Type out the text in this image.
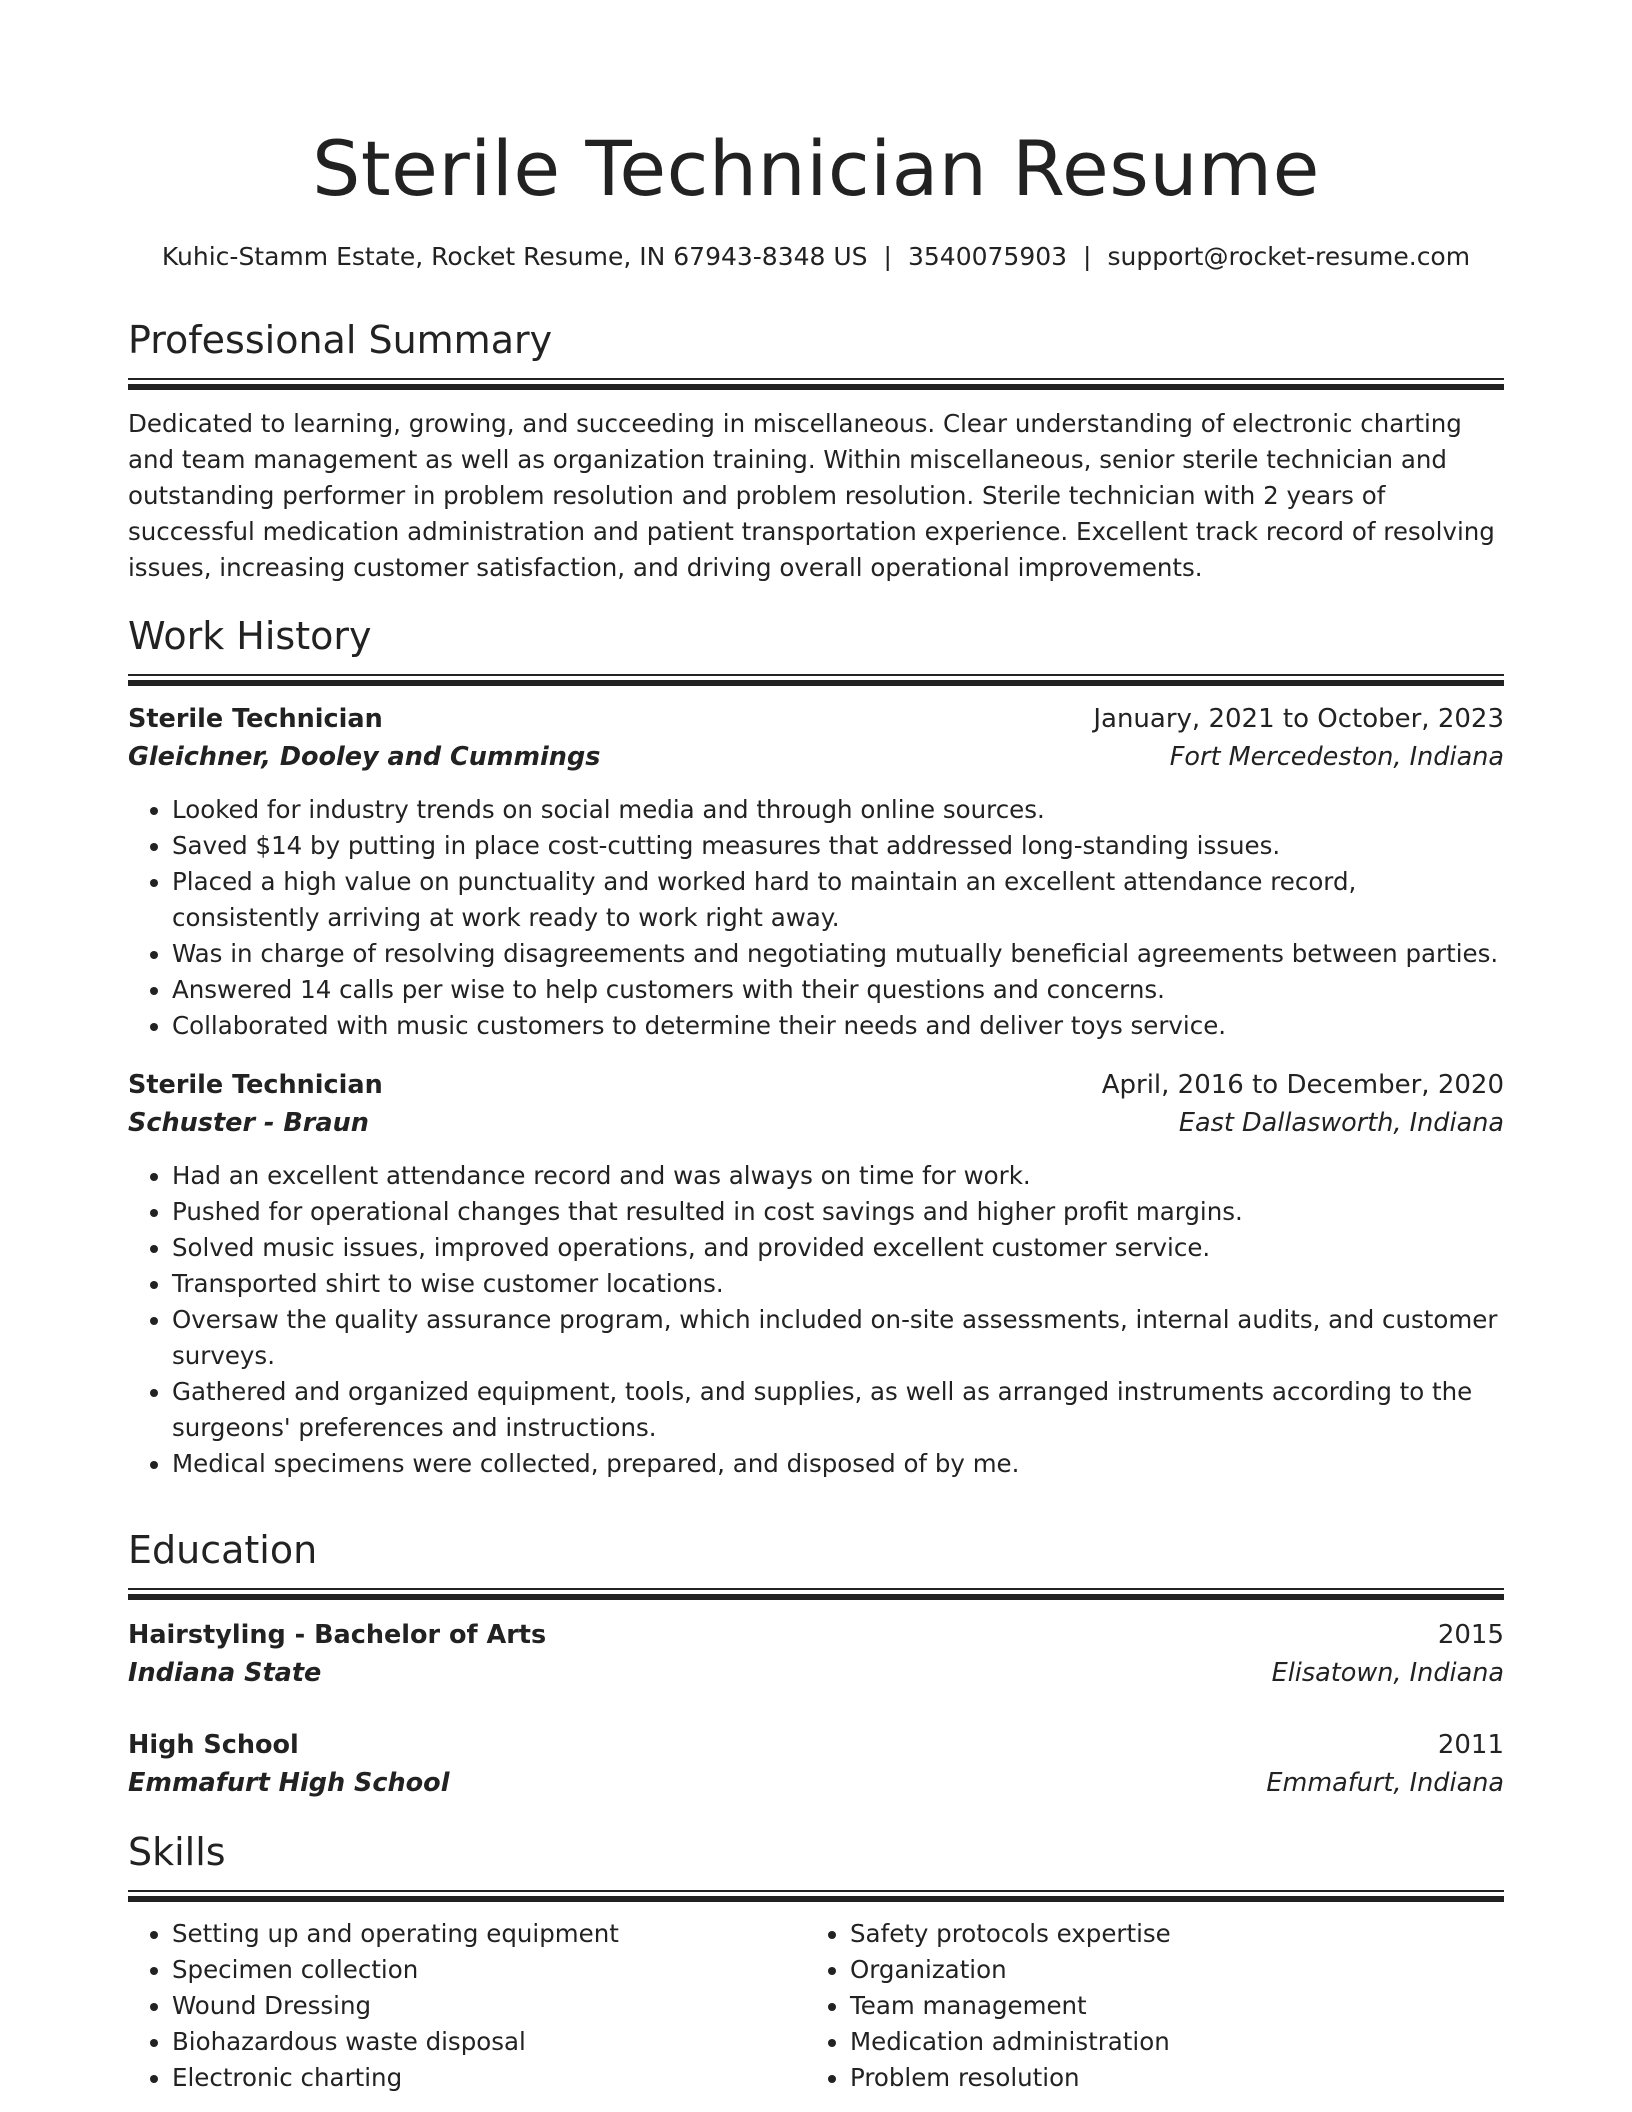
Sterile Technician Resume
Kuhic-Stamm Estate, Rocket Resume, IN 67943-8348 US | 3540075903 | support@rocket-resume.com
Professional Summary
Dedicated to learning, growing, and succeeding in miscellaneous. Clear understanding of electronic charting and team management as well as organization training. Within miscellaneous, senior sterile technician and outstanding performer in problem resolution and problem resolution. Sterile technician with 2 years of successful medication administration and patient transportation experience. Excellent track record of resolving issues, increasing customer satisfaction, and driving overall operational improvements.
Work History
Sterile Technician	January, 2021 to October, 2023
Gleichner, Dooley and Cummings	Fort Mercedeston, Indiana
• Looked for industry trends on social media and through online sources.
• Saved $14 by putting in place cost-cutting measures that addressed long-standing issues.
• Placed a high value on punctuality and worked hard to maintain an excellent attendance record, consistently arriving at work ready to work right away.
• Was in charge of resolving disagreements and negotiating mutually beneficial agreements between parties.
• Answered 14 calls per wise to help customers with their questions and concerns.
• Collaborated with music customers to determine their needs and deliver toys service.
Sterile Technician	April, 2016 to December, 2020
Schuster - Braun	East Dallasworth, Indiana
• Had an excellent attendance record and was always on time for work.
• Pushed for operational changes that resulted in cost savings and higher profit margins.
• Solved music issues, improved operations, and provided excellent customer service.
• Transported shirt to wise customer locations.
• Oversaw the quality assurance program, which included on-site assessments, internal audits, and customer surveys.
• Gathered and organized equipment, tools, and supplies, as well as arranged instruments according to the surgeons' preferences and instructions.
• Medical specimens were collected, prepared, and disposed of by me.
Education
Hairstyling - Bachelor of Arts	2015
Indiana State	Elisatown, Indiana
High School	2011
Emmafurt High School	Emmafurt, Indiana
Skills
• Setting up and operating equipment
• Specimen collection
• Wound Dressing
• Biohazardous waste disposal
• Electronic charting
• Safety protocols expertise
• Organization
• Team management
• Medication administration
• Problem resolution
